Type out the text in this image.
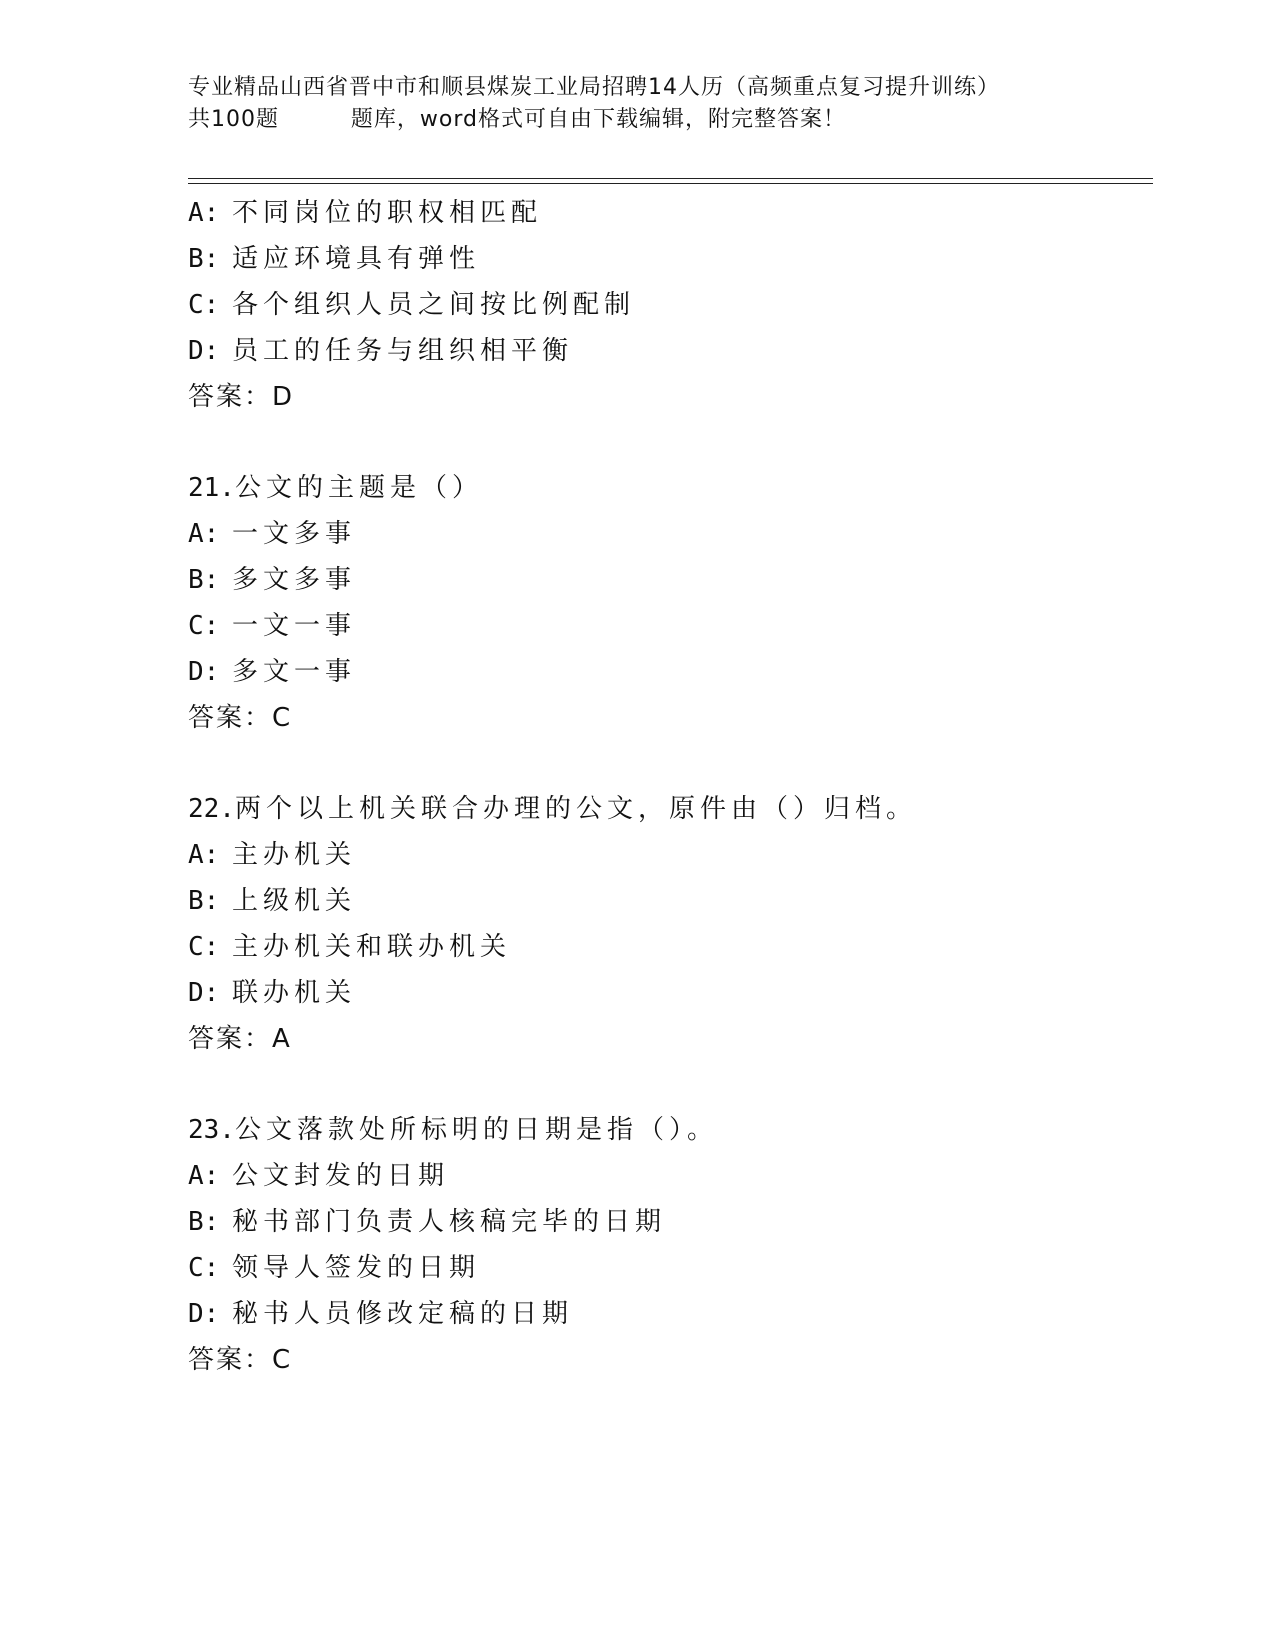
专业精品山西省晋中市和顺县煤炭工业局招聘14人历（高频重点复习提升训练）
共100题         题库，word格式可自由下载编辑，附完整答案！
A: 不同岗位的职权相匹配
B: 适应环境具有弹性
C: 各个组织人员之间按比例配制
D: 员工的任务与组织相平衡
答案：D
21.公文的主题是（）
A: 一文多事
B: 多文多事
C: 一文一事
D: 多文一事
答案：C
22.两个以上机关联合办理的公文，原件由（）归档。
A: 主办机关
B: 上级机关
C: 主办机关和联办机关
D: 联办机关
答案：A
23.公文落款处所标明的日期是指（）。
A: 公文封发的日期
B: 秘书部门负责人核稿完毕的日期
C: 领导人签发的日期
D: 秘书人员修改定稿的日期
答案：C
